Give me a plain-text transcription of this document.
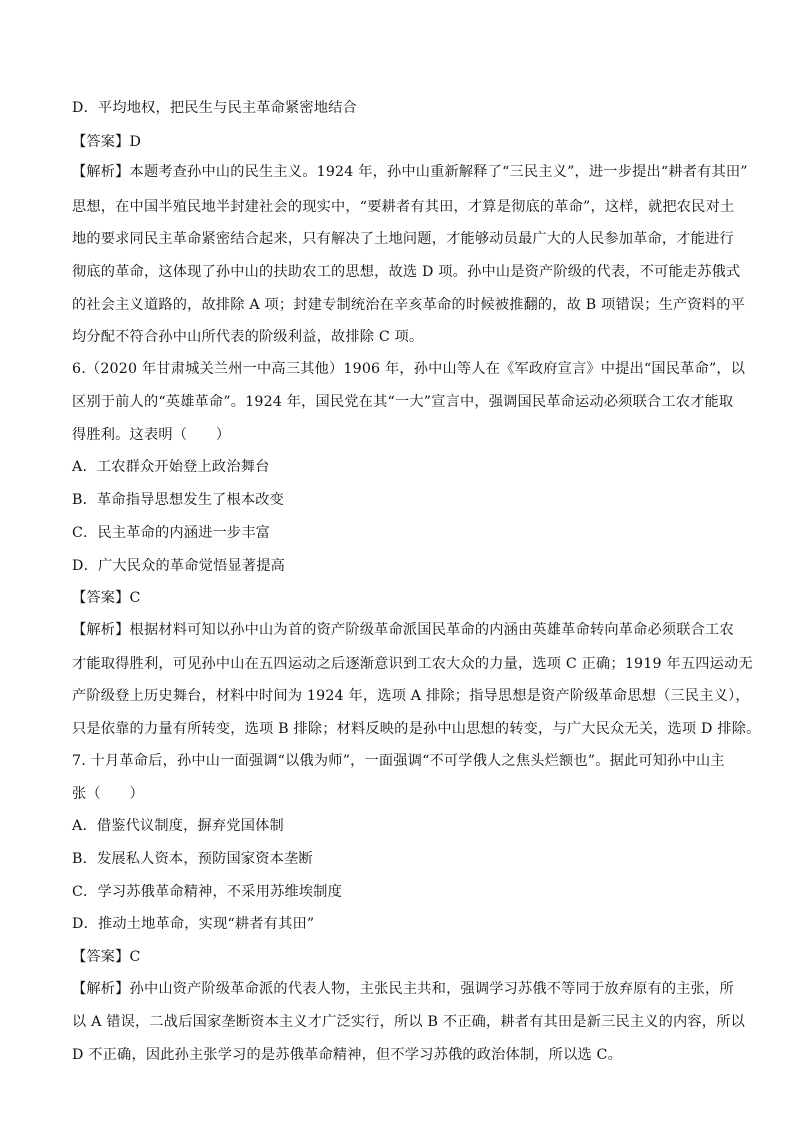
D．平均地权，把民生与民主革命紧密地结合
【答案】D
【解析】本题考查孙中山的民生主义。1924 年，孙中山重新解释了“三民主义”，进一步提出“耕者有其田”
思想，在中国半殖民地半封建社会的现实中，“要耕者有其田，才算是彻底的革命”，这样，就把农民对土
地的要求同民主革命紧密结合起来，只有解决了土地问题，才能够动员最广大的人民参加革命，才能进行
彻底的革命，这体现了孙中山的扶助农工的思想，故选 D 项。孙中山是资产阶级的代表，不可能走苏俄式
的社会主义道路的，故排除 A 项；封建专制统治在辛亥革命的时候被推翻的，故 B 项错误；生产资料的平
均分配不符合孙中山所代表的阶级利益，故排除 C 项。
6.（2020 年甘肃城关兰州一中高三其他）1906 年，孙中山等人在《军政府宣言》中提出“国民革命”，以
区别于前人的“英雄革命”。1924 年，国民党在其“一大”宣言中，强调国民革命运动必须联合工农才能取
得胜利。这表明（　　）
A．工农群众开始登上政治舞台
B．革命指导思想发生了根本改变
C．民主革命的内涵进一步丰富
D．广大民众的革命觉悟显著提高
【答案】C
【解析】根据材料可知以孙中山为首的资产阶级革命派国民革命的内涵由英雄革命转向革命必须联合工农
才能取得胜利，可见孙中山在五四运动之后逐渐意识到工农大众的力量，选项 C 正确；1919 年五四运动无
产阶级登上历史舞台，材料中时间为 1924 年，选项 A 排除；指导思想是资产阶级革命思想（三民主义），
只是依靠的力量有所转变，选项 B 排除；材料反映的是孙中山思想的转变，与广大民众无关，选项 D 排除。
7. 十月革命后，孙中山一面强调“以俄为师”，一面强调“不可学俄人之焦头烂额也”。据此可知孙中山主
张（　　）
A．借鉴代议制度，摒弃党国体制
B．发展私人资本，预防国家资本垄断
C．学习苏俄革命精神，不采用苏维埃制度
D．推动土地革命，实现“耕者有其田”
【答案】C
【解析】孙中山资产阶级革命派的代表人物，主张民主共和，强调学习苏俄不等同于放弃原有的主张，所
以 A 错误，二战后国家垄断资本主义才广泛实行，所以 B 不正确，耕者有其田是新三民主义的内容，所以
D 不正确，因此孙主张学习的是苏俄革命精神，但不学习苏俄的政治体制，所以选 C。
